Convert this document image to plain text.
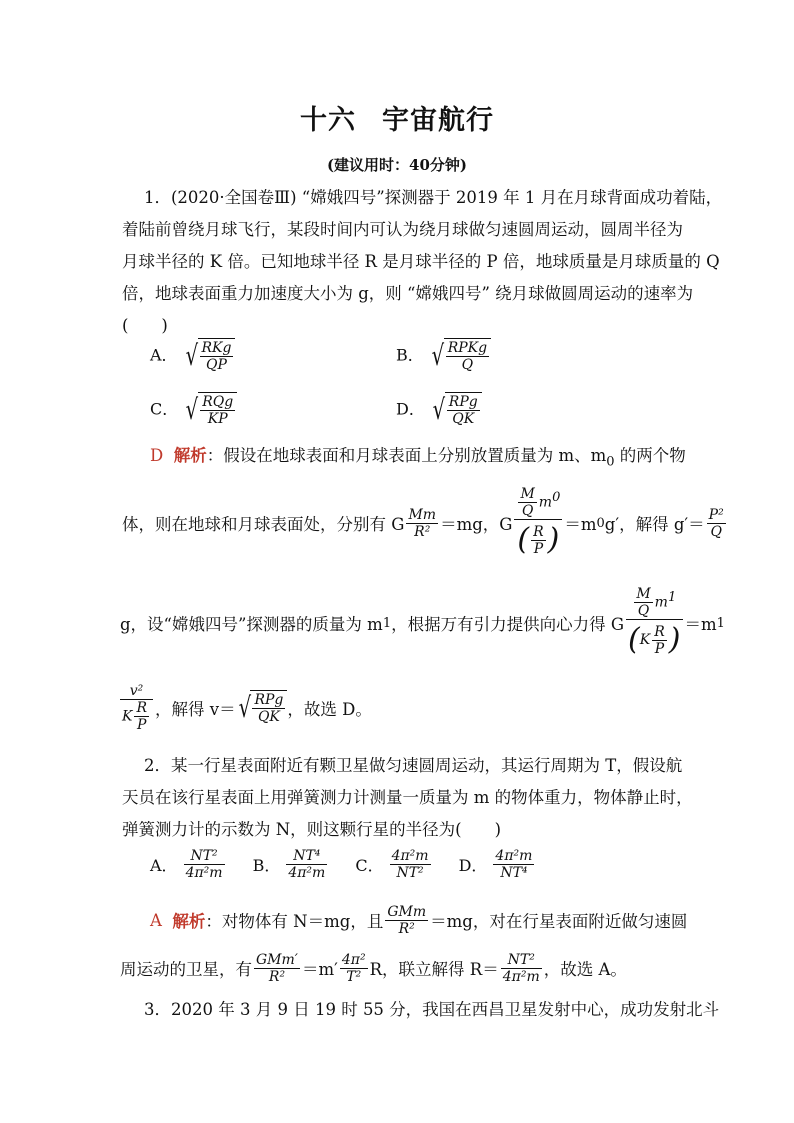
十六 宇宙航行
(建议用时：40分钟)
1．(2020·全国卷Ⅲ) “嫦娥四号”探测器于 2019 年 1 月在月球背面成功着陆，
着陆前曾绕月球飞行，某段时间内可认为绕月球做匀速圆周运动，圆周半径为
月球半径的 K 倍。已知地球半径 R 是月球半径的 P 倍，地球质量是月球质量的 Q
倍，地球表面重力加速度大小为 g，则 “嫦娥四号” 绕月球做圆周运动的速率为
(　　)
A． √ $\frac{\text{RKg}}{QP}$	B． √ $\frac{\text{RPKg}}{Q}$
C． √ $\frac{\text{RQg}}{KP}$	D． √ $\frac{\text{RPg}}{QK}$
D 解析：假设在地球表面和月球表面上分别放置质量为 m、$m_0$ 的两个物
体，则在地球和月球表面处，分别有 G $\frac{Mm}{\text{R²}} =mg$，G $\frac{\frac{M}{Q} m^0}{( \frac{R}{P} )} =m$ 0 g′，解得 $g'= \frac{\text{P²}}{Q}$
g，设“嫦娥四号”探测器的质量为 m 1 ，根据万有引力提供向心力得 G $\frac{\frac{M}{Q} m^1}{(K \frac{R}{P} )} =m$ 1
$\frac{\text{v²}}{K \frac{R}{P}}$ ，解得 v＝ √ $\frac{\text{RPg}}{QK}$ ，故选 D。
2．某一行星表面附近有颗卫星做匀速圆周运动，其运行周期为 T，假设航
天员在该行星表面上用弹簧测力计测量一质量为 m 的物体重力，物体静止时，
弹簧测力计的示数为 N，则这颗行星的半径为(　　)
A． $\frac{\text{NT²}}{\text{4π²m}}$ B． $\frac{\text{NT⁴}}{\text{4π²m}}$ C． $\frac{\text{4π²m}}{\text{NT²}}$ D． $\frac{\text{4π²m}}{\text{NT⁴}}$
A
解析 ：对物体有 N＝mg，且 $\frac{\text{GMm}}{\text{R²}} =mg$，对在行星表面附近做匀速圆
周运动的卫星，有 $\frac{\text{GMm′}}{\text{R²}} =m' \frac{\text{4π²}}{\text{T²}}$ R，联立解得 $R= \frac{\text{NT²}}{\text{4π²m}}$ ，故选 A。
3．2020 年 3 月 9 日 19 时 55 分，我国在西昌卫星发射中心，成功发射北斗
